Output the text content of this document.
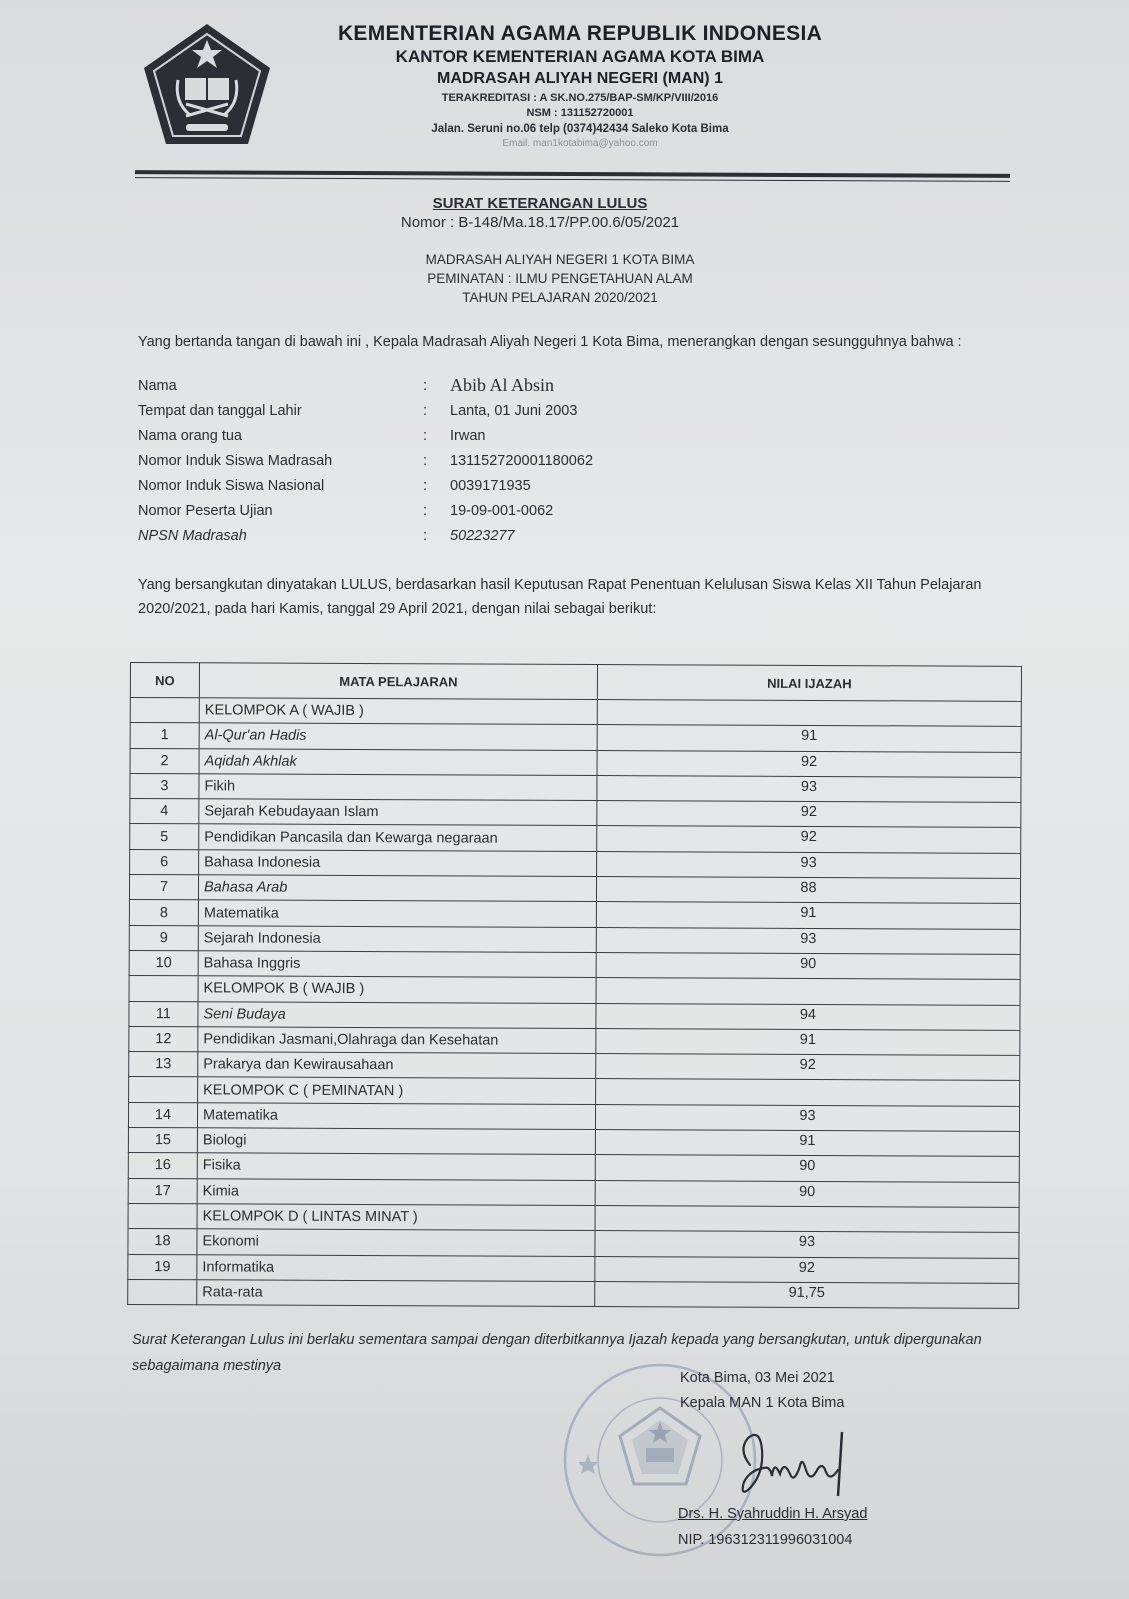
KEMENTERIAN AGAMA REPUBLIK INDONESIA
KANTOR KEMENTERIAN AGAMA KOTA BIMA
MADRASAH ALIYAH NEGERI (MAN) 1
TERAKREDITASI : A SK.NO.275/BAP-SM/KP/VIII/2016
NSM : 131152720001
Jalan. Seruni no.06 telp (0374)42434 Saleko Kota Bima
Email. man1kotabima@yahoo.com
SURAT KETERANGAN LULUS
Nomor : B-148/Ma.18.17/PP.00.6/05/2021
MADRASAH ALIYAH NEGERI 1 KOTA BIMA
PEMINATAN : ILMU PENGETAHUAN ALAM
TAHUN PELAJARAN 2020/2021
Yang bertanda tangan di bawah ini , Kepala Madrasah Aliyah Negeri 1 Kota Bima, menerangkan dengan sesungguhnya bahwa :
Nama	: Abib Al Absin
Tempat dan tanggal Lahir	: Lanta, 01 Juni 2003
Nama orang tua	: Irwan
Nomor Induk Siswa Madrasah	: 131152720001180062
Nomor Induk Siswa Nasional	: 0039171935
Nomor Peserta Ujian	: 19-09-001-0062
NPSN Madrasah	: 50223277
Yang bersangkutan dinyatakan LULUS, berdasarkan hasil Keputusan Rapat Penentuan Kelulusan Siswa Kelas XII Tahun Pelajaran 2020/2021, pada hari Kamis, tanggal 29 April 2021, dengan nilai sebagai berikut:
NO	MATA PELAJARAN	NILAI IJAZAH
	KELOMPOK A ( WAJIB )	
1	Al-Qur'an Hadis	91
2	Aqidah Akhlak	92
3	Fikih	93
4	Sejarah Kebudayaan Islam	92
5	Pendidikan Pancasila dan Kewarga negaraan	92
6	Bahasa Indonesia	93
7	Bahasa Arab	88
8	Matematika	91
9	Sejarah Indonesia	93
10	Bahasa Inggris	90
	KELOMPOK B ( WAJIB )	
11	Seni Budaya	94
12	Pendidikan Jasmani,Olahraga dan Kesehatan	91
13	Prakarya dan Kewirausahaan	92
	KELOMPOK C ( PEMINATAN )	
14	Matematika	93
15	Biologi	91
16	Fisika	90
17	Kimia	90
	KELOMPOK D ( LINTAS MINAT )	
18	Ekonomi	93
19	Informatika	92
	Rata-rata	91,75
Surat Keterangan Lulus ini berlaku sementara sampai dengan diterbitkannya Ijazah kepada yang bersangkutan, untuk dipergunakan sebagaimana mestinya
Kota Bima, 03 Mei 2021
Kepala MAN 1 Kota Bima
Drs. H. Syahruddin H. Arsyad
NIP. 196312311996031004
